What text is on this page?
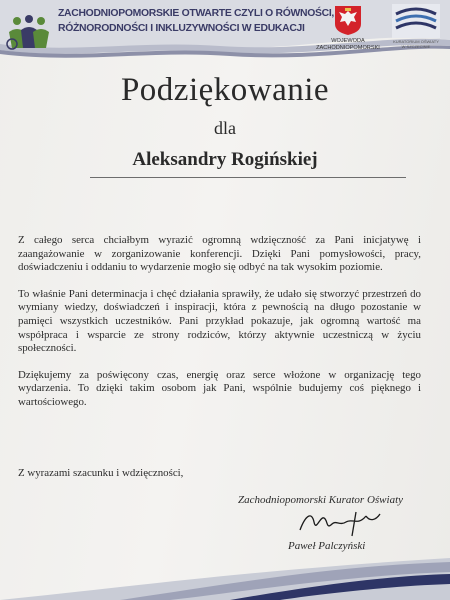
ZACHODNIOPOMORSKIE OTWARTE CZYLI O RÓWNOŚCI,
RÓŻNORODNOŚCI I INKLUZYWNOŚCI W EDUKACJI
WOJEWODA
ZACHODNIOPOMORSKI
KURATORIUM OŚWIATY W SZCZECINIE
Podziękowanie
dla
Aleksandry Rogińskiej

Z całego serca chciałbym wyrazić ogromną wdzięczność za Pani inicjatywę i zaangażowanie w zorganizowanie konferencji. Dzięki Pani pomysłowości, pracy, doświadczeniu i oddaniu to wydarzenie mogło się odbyć na tak wysokim poziomie.

To właśnie Pani determinacja i chęć działania sprawiły, że udało się stworzyć przestrzeń do wymiany wiedzy, doświadczeń i inspiracji, która z pewnością na długo pozostanie w pamięci wszystkich uczestników. Pani przykład pokazuje, jak ogromną wartość ma współpraca i wsparcie ze strony rodziców, którzy aktywnie uczestniczą w życiu społeczności.

Dziękujemy za poświęcony czas, energię oraz serce włożone w organizację tego wydarzenia. To dzięki takim osobom jak Pani, wspólnie budujemy coś pięknego i wartościowego.

Z wyrazami szacunku i wdzięczności,
Zachodniopomorski Kurator Oświaty
Paweł Palczyński
